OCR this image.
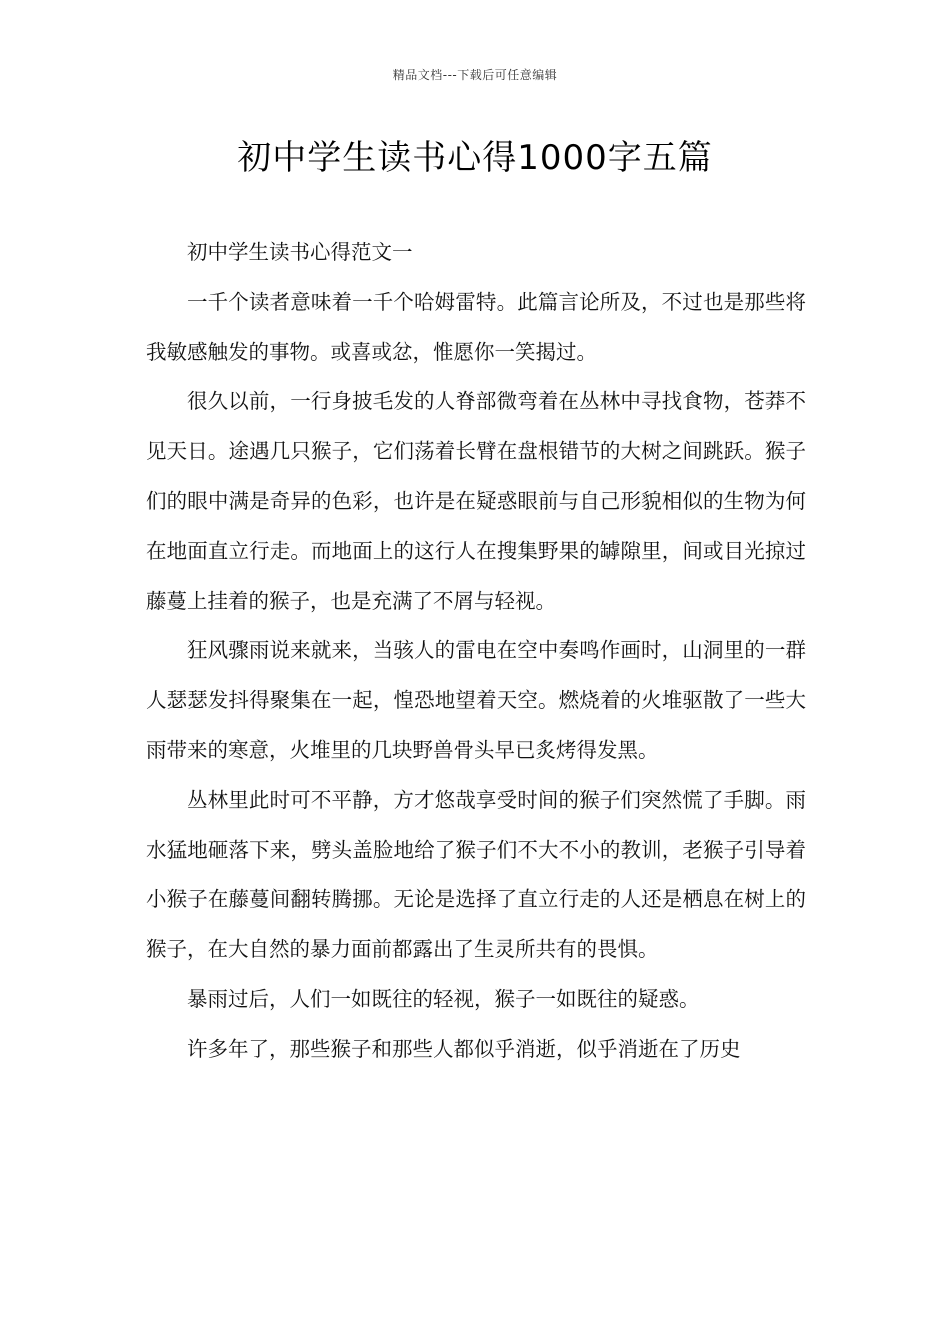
精品文档---下载后可任意编辑
初中学生读书心得1000字五篇

初中学生读书心得范文一

一千个读者意味着一千个哈姆雷特。此篇言论所及，不过也是那些将我敏感触发的事物。或喜或忿，惟愿你一笑揭过。

很久以前，一行身披毛发的人脊部微弯着在丛林中寻找食物，苍莽不见天日。途遇几只猴子，它们荡着长臂在盘根错节的大树之间跳跃。猴子们的眼中满是奇异的色彩，也许是在疑惑眼前与自己形貌相似的生物为何在地面直立行走。而地面上的这行人在搜集野果的罅隙里，间或目光掠过藤蔓上挂着的猴子，也是充满了不屑与轻视。

狂风骤雨说来就来，当骇人的雷电在空中奏鸣作画时，山洞里的一群人瑟瑟发抖得聚集在一起，惶恐地望着天空。燃烧着的火堆驱散了一些大雨带来的寒意，火堆里的几块野兽骨头早已炙烤得发黑。

丛林里此时可不平静，方才悠哉享受时间的猴子们突然慌了手脚。雨水猛地砸落下来，劈头盖脸地给了猴子们不大不小的教训，老猴子引导着小猴子在藤蔓间翻转腾挪。无论是选择了直立行走的人还是栖息在树上的猴子，在大自然的暴力面前都露出了生灵所共有的畏惧。

暴雨过后，人们一如既往的轻视，猴子一如既往的疑惑。

许多年了，那些猴子和那些人都似乎消逝，似乎消逝在了历史
